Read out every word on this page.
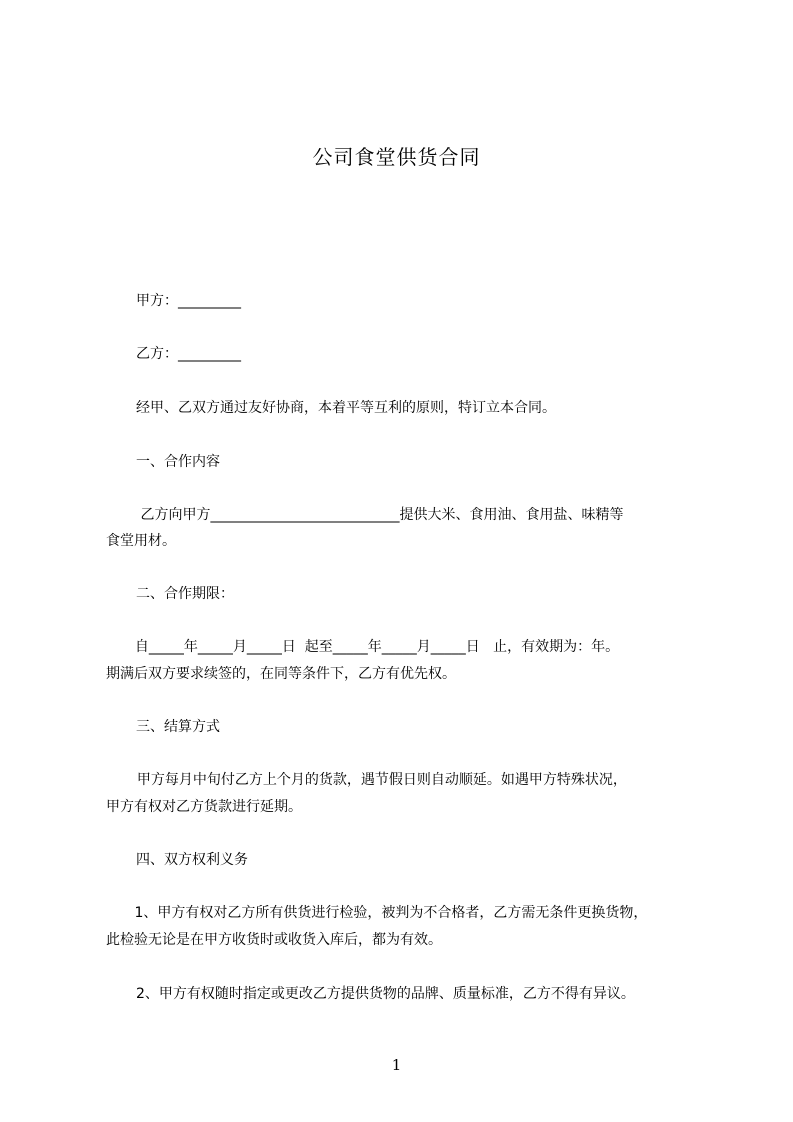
公司食堂供货合同
甲方：_________
乙方：_________
经甲、乙双方通过友好协商，本着平等互利的原则，特订立本合同。
一、合作内容
乙方向甲方___________________________提供大米、食用油、食用盐、味精等
食堂用材。
二、合作期限：
自_____年_____月_____日  起至_____年_____月_____日   止，有效期为：年。
期满后双方要求续签的，在同等条件下，乙方有优先权。
三、结算方式
甲方每月中旬付乙方上个月的货款，遇节假日则自动顺延。如遇甲方特殊状况，
甲方有权对乙方货款进行延期。
四、双方权利义务
1、甲方有权对乙方所有供货进行检验，被判为不合格者，乙方需无条件更换货物，
此检验无论是在甲方收货时或收货入库后，都为有效。
2、甲方有权随时指定或更改乙方提供货物的品牌、质量标准，乙方不得有异议。
1
